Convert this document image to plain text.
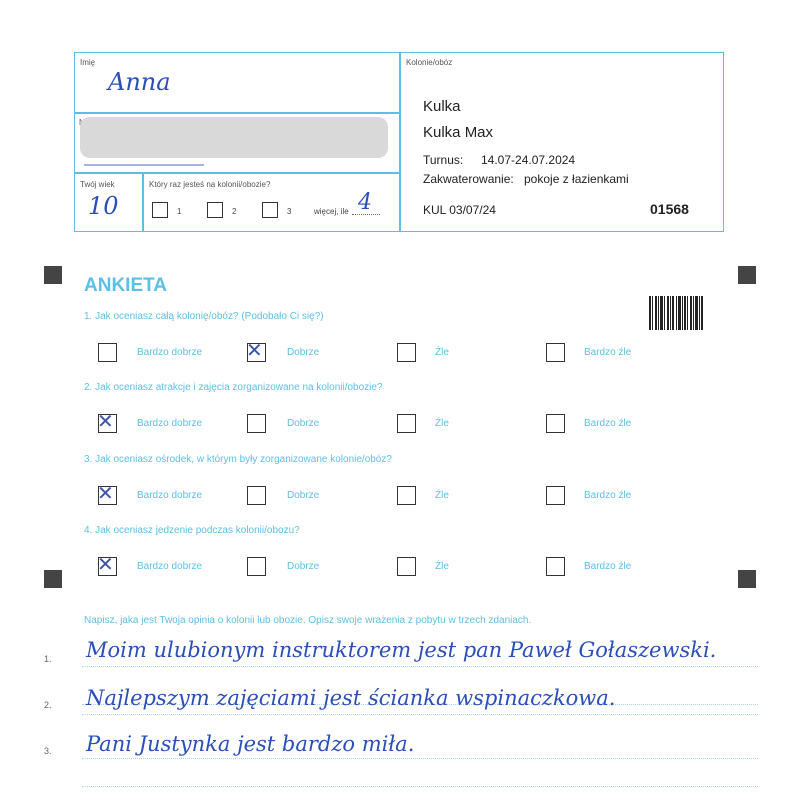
Imię
Anna
Twój wiek
10
Który raz jesteś na kolonii/obozie?
1	2	3	więcej, ile 4
Kolonie/obóz
Kulka
Kulka Max
Turnus: 14.07-24.07.2024
Zakwaterowanie: pokoje z łazienkami
KUL 03/07/24	01568
ANKIETA
1. Jak oceniasz całą kolonię/obóz? (Podobało Ci się?)
Bardzo dobrze ✕ Dobrze	Źle	Bardzo źle
2. Jak oceniasz atrakcje i zajęcia zorganizowane na kolonii/obozie?
✕ Bardzo dobrze	Dobrze	Źle	Bardzo źle
3. Jak oceniasz ośrodek, w którym były zorganizowane kolonie/obóz?
✕ Bardzo dobrze	Dobrze	Źle	Bardzo źle
4. Jak oceniasz jedzenie podczas kolonii/obozu?
✕ Bardzo dobrze	Dobrze	Źle	Bardzo źle
Napisz, jaka jest Twoja opinia o kolonii lub obozie. Opisz swoje wrażenia z pobytu w trzech zdaniach.
1. Moim ulubionym instruktorem jest pan Paweł Gołaszewski.
2. Najlepszym zajęciami jest ścianka wspinaczkowa.
3. Pani Justynka jest bardzo miła.
